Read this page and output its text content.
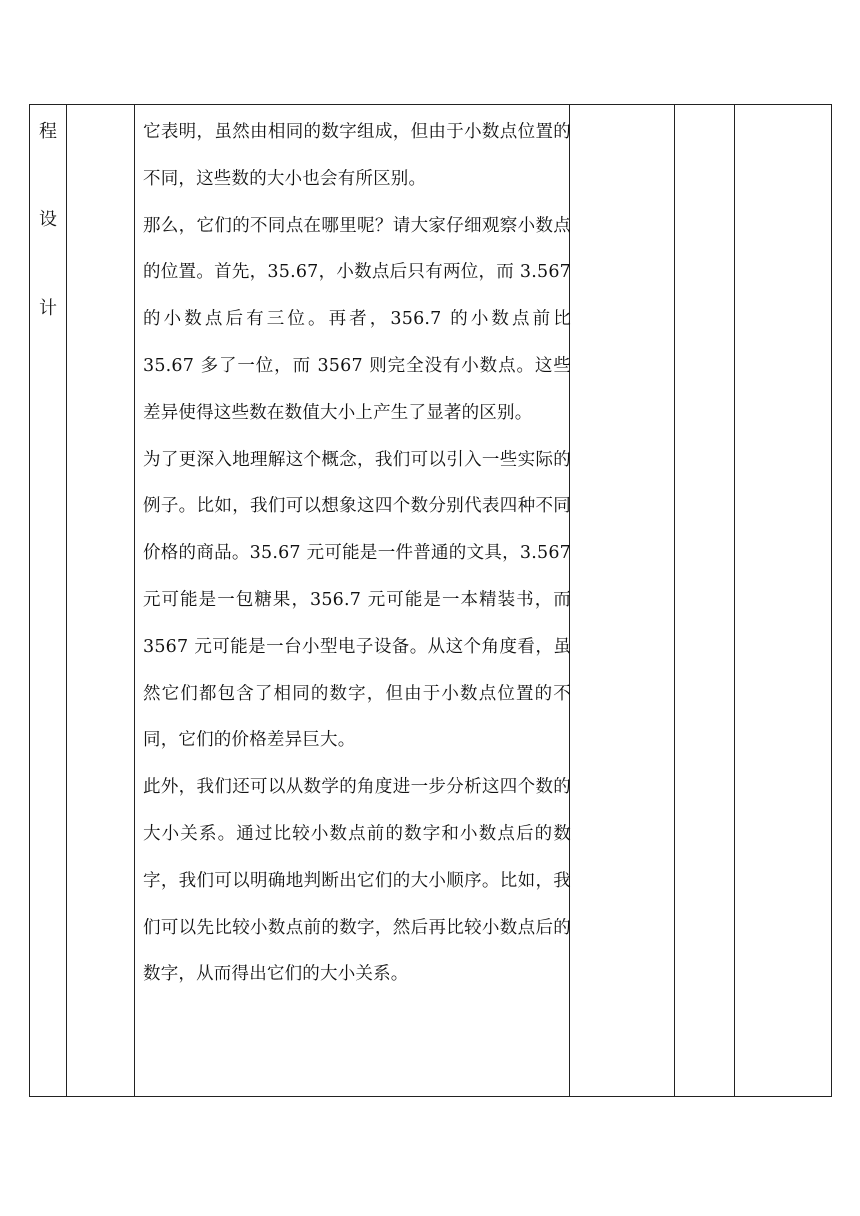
程
设
计

它表明，虽然由相同的数字组成，但由于小数点位置的不同，这些数的大小也会有所区别。

那么，它们的不同点在哪里呢？请大家仔细观察小数点的位置。首先，35.67，小数点后只有两位，而 3.567 的小数点后有三位。再者，356.7 的小数点前比 35.67 多了一位，而 3567 则完全没有小数点。这些差异使得这些数在数值大小上产生了显著的区别。

为了更深入地理解这个概念，我们可以引入一些实际的例子。比如，我们可以想象这四个数分别代表四种不同价格的商品。35.67 元可能是一件普通的文具，3.567 元可能是一包糖果，356.7 元可能是一本精装书，而 3567 元可能是一台小型电子设备。从这个角度看，虽然它们都包含了相同的数字，但由于小数点位置的不同，它们的价格差异巨大。

此外，我们还可以从数学的角度进一步分析这四个数的大小关系。通过比较小数点前的数字和小数点后的数字，我们可以明确地判断出它们的大小顺序。比如，我们可以先比较小数点前的数字，然后再比较小数点后的数字，从而得出它们的大小关系。
